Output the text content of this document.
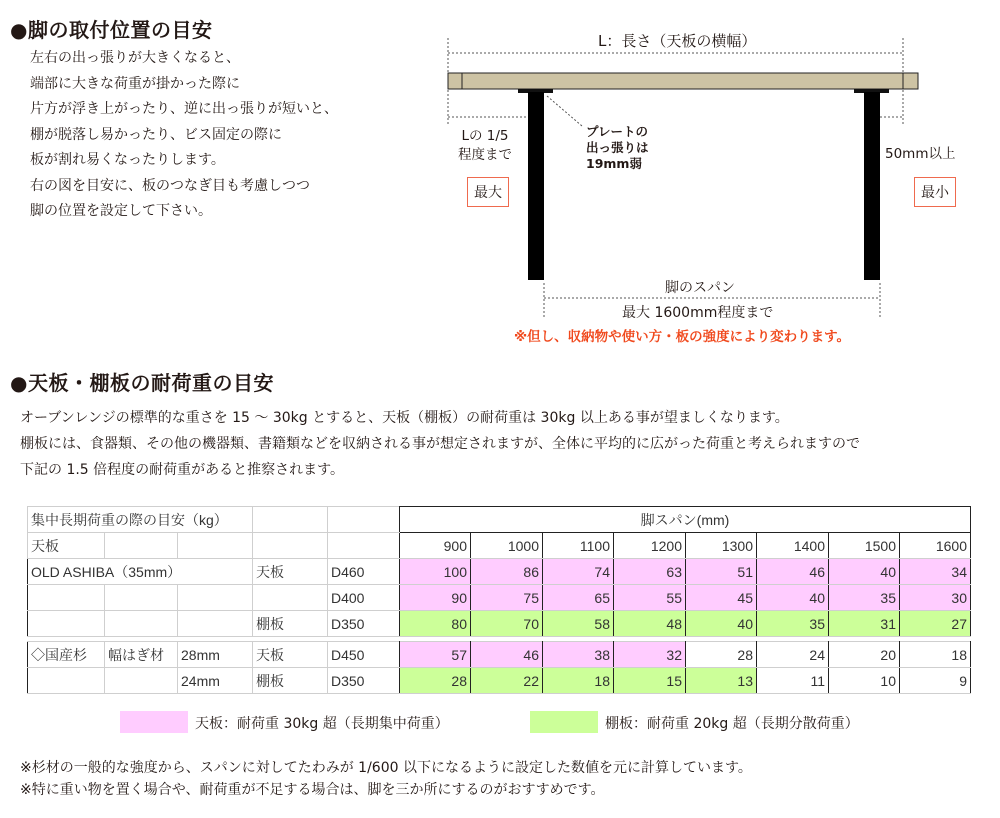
●脚の取付位置の目安
左右の出っ張りが大きくなると、
端部に大きな荷重が掛かった際に
片方が浮き上がったり、逆に出っ張りが短いと、
棚が脱落し易かったり、ビス固定の際に
板が割れ易くなったりします。
右の図を目安に、板のつなぎ目も考慮しつつ
脚の位置を設定して下さい。
L：長さ（天板の横幅）
Lの 1/5
程度まで
最大
プレートの
出っ張りは
19mm弱
50mm以上
最小
脚のスパン
最大 1600mm程度まで
※但し、収納物や使い方・板の強度により変わります。
●天板・棚板の耐荷重の目安
オーブンレンジの標準的な重さを 15 ～ 30kg とすると、天板（棚板）の耐荷重は 30kg 以上ある事が望ましくなります。
棚板には、食器類、その他の機器類、書籍類などを収納される事が想定されますが、全体に平均的に広がった荷重と考えられますので
下記の 1.5 倍程度の耐荷重があると推察されます。
集中長期荷重の際の目安（kg）					脚スパン(mm)							
天板					900	1000	1100	1200	1300	1400	1500	1600
OLD ASHIBA（35mm）			天板	D460	100	86	74	63	51	46	40	34
				D400	90	75	65	55	45	40	35	30
			棚板	D350	80	70	58	48	40	35	31	27

◇国産杉	幅はぎ材	28mm	天板	D450	57	46	38	32	28	24	20	18
		24mm	棚板	D350	28	22	18	15	13	11	10	9
天板：耐荷重 30kg 超（長期集中荷重）	棚板：耐荷重 20kg 超（長期分散荷重）
※杉材の一般的な強度から、スパンに対してたわみが 1/600 以下になるように設定した数値を元に計算しています。
※特に重い物を置く場合や、耐荷重が不足する場合は、脚を三か所にするのがおすすめです。
